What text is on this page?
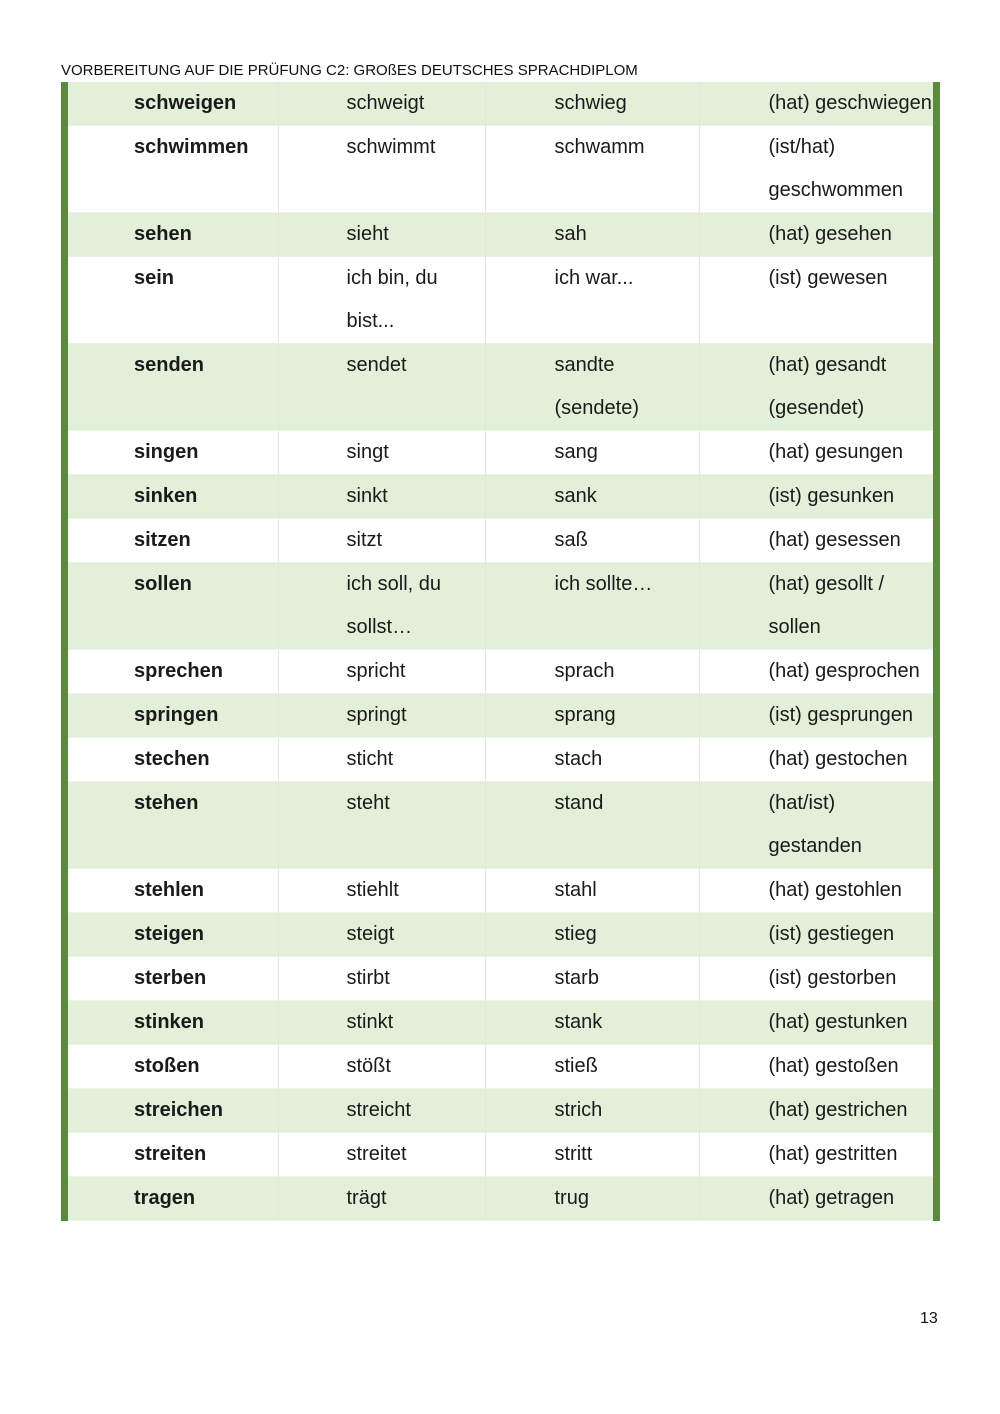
VORBEREITUNG AUF DIE PRÜFUNG C2: GROßES DEUTSCHES SPRACHDIPLOM
schweigen	schweigt	schwieg	(hat) geschwiegen
schwimmen	schwimmt	schwamm	(ist/hat) geschwommen
sehen	sieht	sah	(hat) gesehen
sein	ich bin, du bist...	ich war...	(ist) gewesen
senden	sendet	sandte (sendete)	(hat) gesandt (gesendet)
singen	singt	sang	(hat) gesungen
sinken	sinkt	sank	(ist) gesunken
sitzen	sitzt	saß	(hat) gesessen
sollen	ich soll, du sollst…	ich sollte…	(hat) gesollt / sollen
sprechen	spricht	sprach	(hat) gesprochen
springen	springt	sprang	(ist) gesprungen
stechen	sticht	stach	(hat) gestochen
stehen	steht	stand	(hat/ist) gestanden
stehlen	stiehlt	stahl	(hat) gestohlen
steigen	steigt	stieg	(ist) gestiegen
sterben	stirbt	starb	(ist) gestorben
stinken	stinkt	stank	(hat) gestunken
stoßen	stößt	stieß	(hat) gestoßen
streichen	streicht	strich	(hat) gestrichen
streiten	streitet	stritt	(hat) gestritten
tragen	trägt	trug	(hat) getragen
13
